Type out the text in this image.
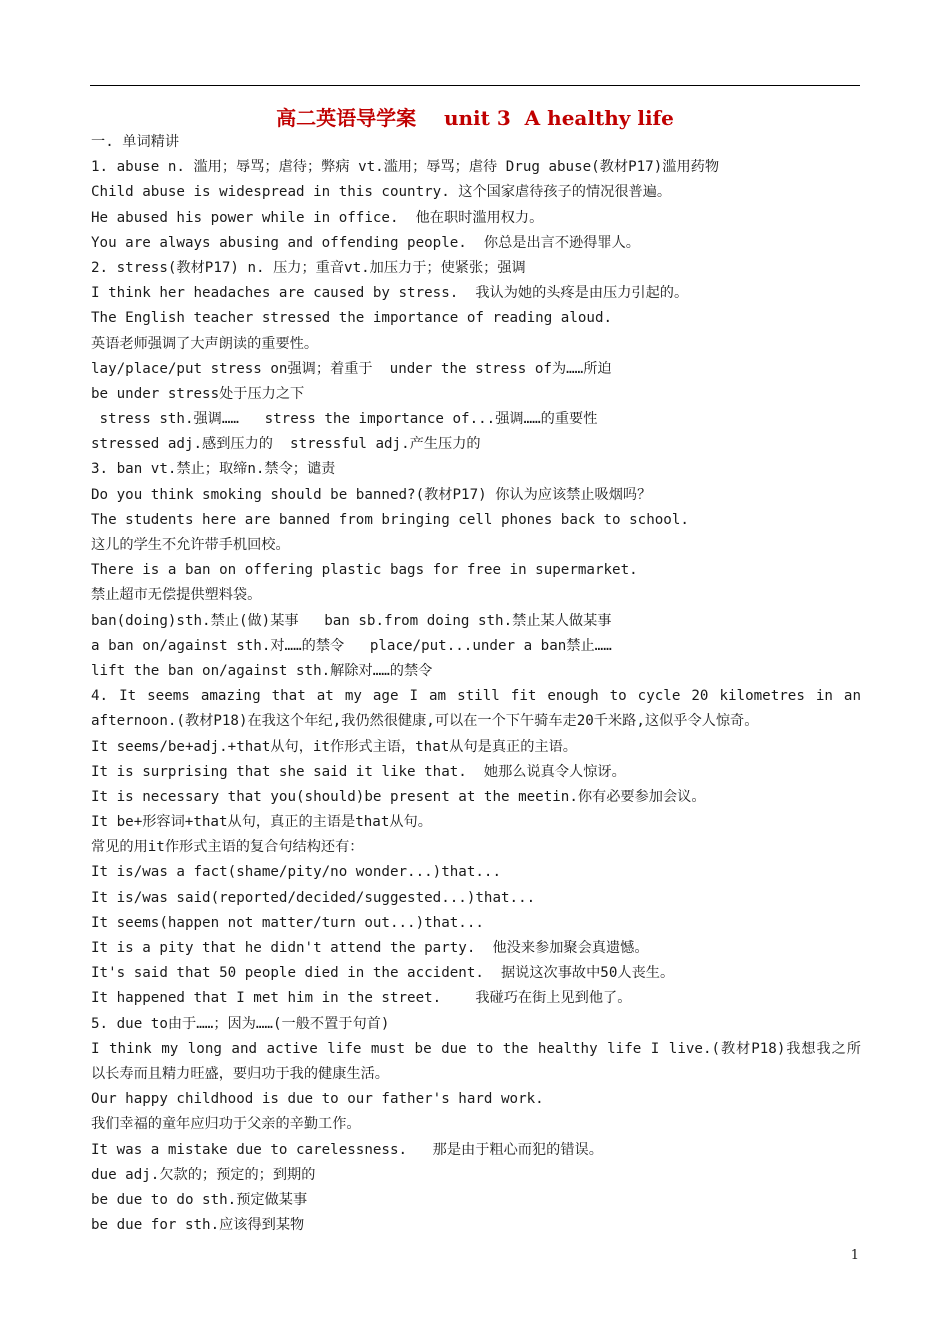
高二英语导学案    unit 3  A healthy life
一. 单词精讲
1. abuse n. 滥用；辱骂；虐待；弊病 vt.滥用；辱骂；虐待 Drug abuse(教材P17)滥用药物
Child abuse is widespread in this country. 这个国家虐待孩子的情况很普遍。
He abused his power while in office.  他在职时滥用权力。
You are always abusing and offending people.  你总是出言不逊得罪人。
2. stress(教材P17) n. 压力；重音vt.加压力于；使紧张；强调
I think her headaches are caused by stress.  我认为她的头疼是由压力引起的。
The English teacher stressed the importance of reading aloud.
英语老师强调了大声朗读的重要性。
lay/place/put stress on强调；着重于  under the stress of为……所迫
be under stress处于压力之下
stress sth.强调……   stress the importance of...强调……的重要性
stressed adj.感到压力的  stressful adj.产生压力的
3. ban vt.禁止；取缔n.禁令；谴责
Do you think smoking should be banned?(教材P17) 你认为应该禁止吸烟吗？
The students here are banned from bringing cell phones back to school.
这儿的学生不允许带手机回校。
There is a ban on offering plastic bags for free in supermarket.
禁止超市无偿提供塑料袋。
ban(doing)sth.禁止(做)某事   ban sb.from doing sth.禁止某人做某事
a ban on/against sth.对……的禁令   place/put...under a ban禁止……
lift the ban on/against sth.解除对……的禁令
4. It seems amazing that at my age I am still fit enough to cycle 20 kilometres in an
afternoon.(教材P18)在我这个年纪,我仍然很健康,可以在一个下午骑车走20千米路,这似乎令人惊奇。
It seems/be+adj.+that从句，it作形式主语，that从句是真正的主语。
It is surprising that she said it like that.  她那么说真令人惊讶。
It is necessary that you(should)be present at the meetin.你有必要参加会议。
It be+形容词+that从句，真正的主语是that从句。
常见的用it作形式主语的复合句结构还有：
It is/was a fact(shame/pity/no wonder...)that...
It is/was said(reported/decided/suggested...)that...
It seems(happen not matter/turn out...)that...
It is a pity that he didn't attend the party.  他没来参加聚会真遗憾。
It's said that 50 people died in the accident.  据说这次事故中50人丧生。
It happened that I met him in the street.    我碰巧在街上见到他了。
5. due to由于……；因为……(一般不置于句首)
I think my long and active life must be due to the healthy life I live.(教材P18)我想我之所
以长寿而且精力旺盛，要归功于我的健康生活。
Our happy childhood is due to our father's hard work.
我们幸福的童年应归功于父亲的辛勤工作。
It was a mistake due to carelessness.   那是由于粗心而犯的错误。
due adj.欠款的；预定的；到期的
be due to do sth.预定做某事
be due for sth.应该得到某物
1
